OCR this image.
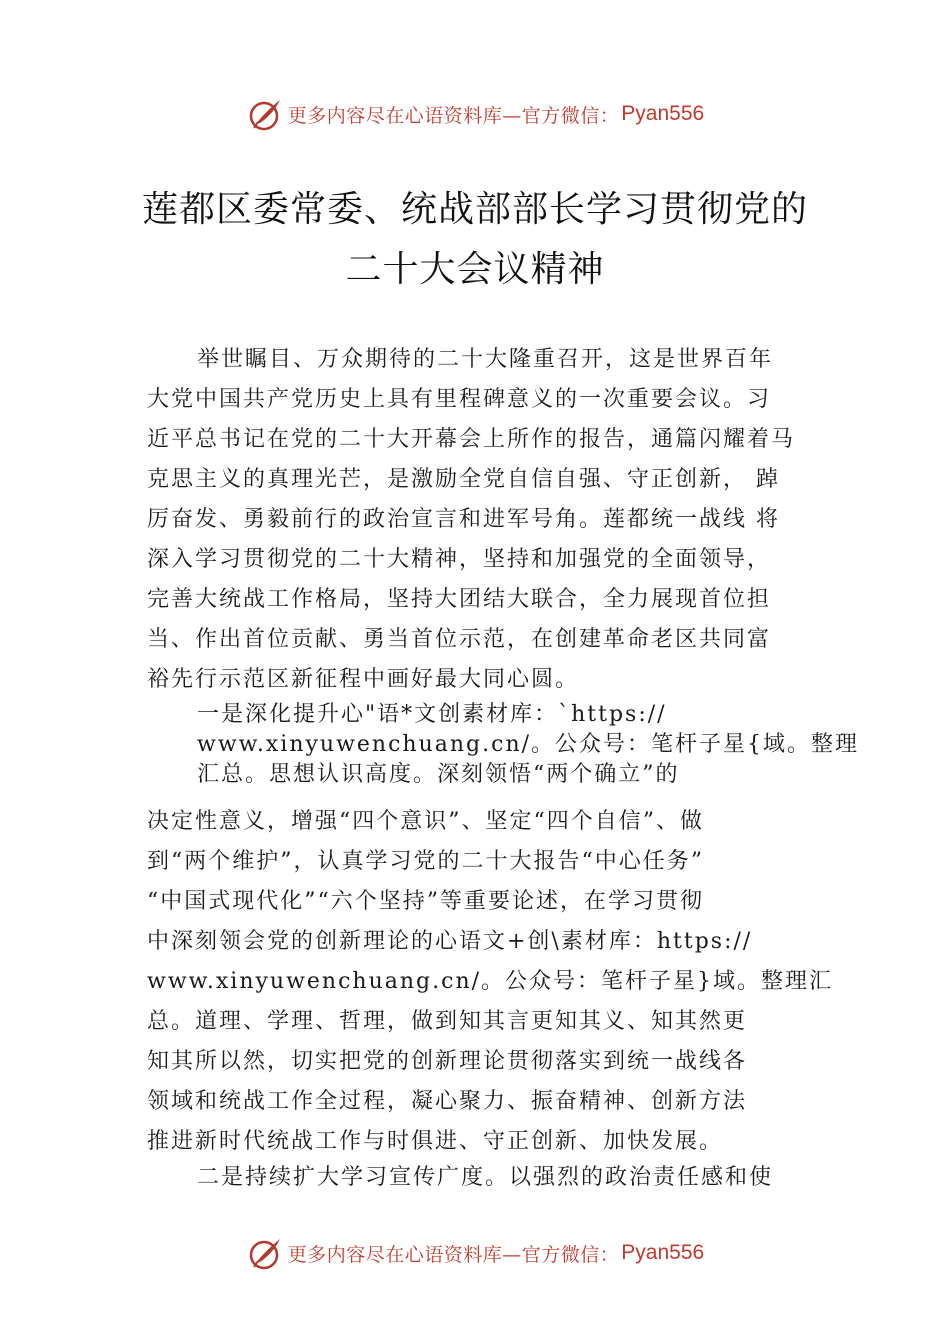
更多内容尽在心语资料库—官方微信： Pyan556
莲都区委常委、统战部部长学习贯彻党的
二十大会议精神

举世瞩目、万众期待的二十大隆重召开，这是世界百年

大党中国共产党历史上具有里程碑意义的一次重要会议。习

近平总书记在党的二十大开幕会上所作的报告，通篇闪耀着马

克思主义的真理光芒，是激励全党自信自强、守正创新， 踔

厉奋发、勇毅前行的政治宣言和进军号角。莲都统一战线 将

深入学习贯彻党的二十大精神，坚持和加强党的全面领导，

完善大统战工作格局，坚持大团结大联合，全力展现首位担

当、作出首位贡献、勇当首位示范，在创建革命老区共同富

裕先行示范区新征程中画好最大同心圆。

一是深化提升心"语*文创素材库：`https://

www.xinyuwenchuang.cn/。公众号：笔杆子星{域。整理

汇总。思想认识高度。深刻领悟“两个确立”的

决定性意义，增强“四个意识”、坚定“四个自信”、做

到“两个维护”，认真学习党的二十大报告“中心任务”

“中国式现代化”“六个坚持”等重要论述，在学习贯彻

中深刻领会党的创新理论的心语文+创\素材库：https://

www.xinyuwenchuang.cn/。公众号：笔杆子星}域。整理汇

总。道理、学理、哲理，做到知其言更知其义、知其然更

知其所以然，切实把党的创新理论贯彻落实到统一战线各

领域和统战工作全过程，凝心聚力、振奋精神、创新方法

推进新时代统战工作与时俱进、守正创新、加快发展。

二是持续扩大学习宣传广度。以强烈的政治责任感和使

更多内容尽在心语资料库—官方微信： Pyan556
